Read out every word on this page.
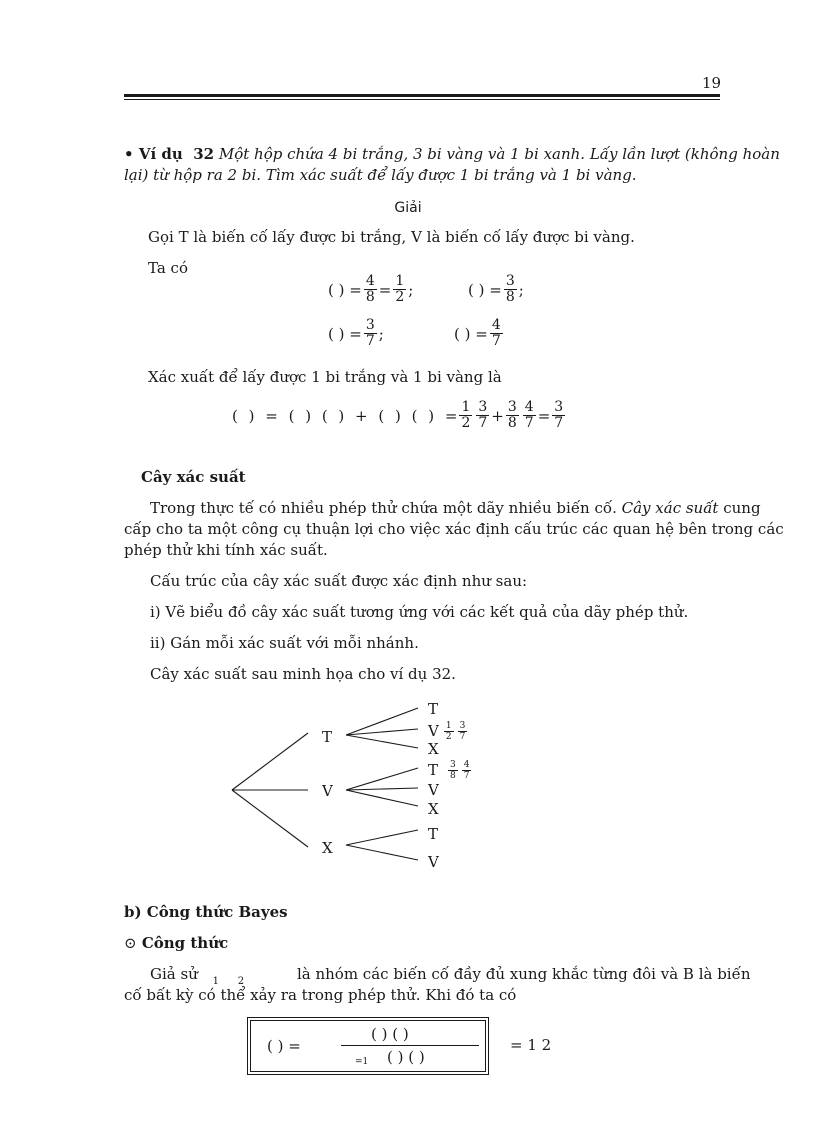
19
• Ví dụ 32 Một hộp chứa 4 bi trắng, 3 bi vàng và 1 bi xanh. Lấy lần lượt (không hoàn
lại) từ hộp ra 2 bi. Tìm xác suất để lấy được 1 bi trắng và 1 bi vàng.
Giải
Gọi T là biến cố lấy được bi trắng, V là biến cố lấy được bi vàng.
Ta có
( ) = $\frac{4}{8} = \frac{1}{2}$ ;	( ) = $\frac{3}{8}$ ;
( ) = $\frac{3}{7}$ ;	( ) = $\frac{4}{7}$
Xác xuất để lấy được 1 bi trắng và 1 bi vàng là
( ) = ( ) ( ) + ( ) ( ) = $\frac{1}{2} \frac{3}{7} + \frac{3}{8} \frac{4}{7} = \frac{3}{7}$
Cây xác suất
Trong thực tế có nhiều phép thử chứa một dãy nhiều biến cố. Cây xác suất cung
cấp cho ta một công cụ thuận lợi cho việc xác định cấu trúc các quan hệ bên trong các
phép thử khi tính xác suất.
Cấu trúc của cây xác suất được xác định như sau:
i) Vẽ biểu đồ cây xác suất tương ứng với các kết quả của dãy phép thử.
ii) Gán mỗi xác suất với mỗi nhánh.
Cây xác suất sau minh họa cho ví dụ 32.
T
V
X
T
V $\frac{1}{2} \frac{3}{7}$
X
T $\frac{3}{8} \frac{4}{7}$
V
X
T
V
b) Công thức Bayes
⊙ Công thức
Giả sử $_1$ $_2$	là nhóm các biến cố đầy đủ xung khắc từng đôi và B là biến
cố bất kỳ có thể xảy ra trong phép thử. Khi đó ta có
( ) =
( ) ( )
=1 ( ) ( )
= 1 2
